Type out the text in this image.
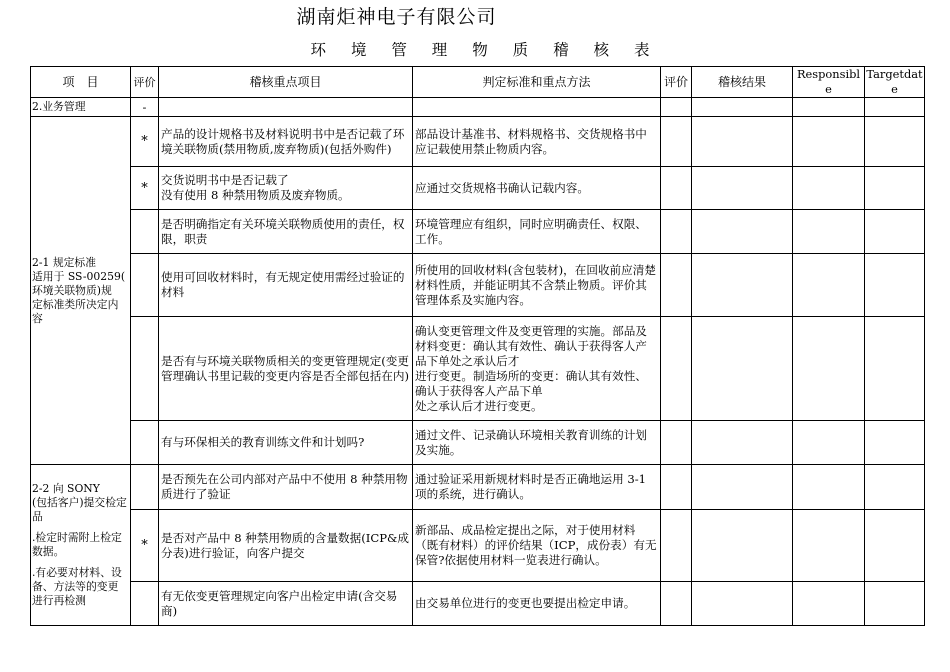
湖南炬神电子有限公司
环 境 管 理 物 质 稽 核 表
项　目	评价	稽核重点项目	判定标准和重点方法	评价	稽核结果	Responsible	Targetdate
2.业务管理	-						
2-1 规定标准
适用于 SS-00259(
环境关联物质)规
定标准类所决定内
容	*	产品的设计规格书及材料说明书中是否记载了环境关联物质(禁用物质,废弃物质)(包括外购件)	部品设计基准书、材料规格书、交货规格书中应记载使用禁止物质内容。				
	*	交货说明书中是否记载了
没有使用 8 种禁用物质及废弃物质。	应通过交货规格书确认记载内容。				
		是否明确指定有关环境关联物质使用的责任，权限，职责	环境管理应有组织，同时应明确责任、权限、工作。				
		使用可回收材料时，有无规定使用需经过验证的材料	所使用的回收材料(含包装材)，在回收前应清楚材料性质，并能证明其不含禁止物质。评价其管理体系及实施内容。				
		是否有与环境关联物质相关的变更管理规定(变更管理确认书里记载的变更内容是否全部包括在内)	确认变更管理文件及变更管理的实施。部品及材料变更：确认其有效性、确认于获得客人产品下单处之承认后才
进行变更。制造场所的变更：确认其有效性、确认于获得客人产品下单
处之承认后才进行变更。				
		有与环保相关的教育训练文件和计划吗?	通过文件、记录确认环境相关教育训练的计划及实施。				
2-2 向 SONY
(包括客户)提交检定品
.检定时需附上检定数据。
.有必要对材料、设备、方法等的变更进行再检测		是否预先在公司内部对产品中不使用 8 种禁用物质进行了验证	通过验证采用新规材料时是否正确地运用 3-1 项的系统，进行确认。				
	*	是否对产品中 8 种禁用物质的含量数据(ICP&成分表)进行验证，向客户提交	新部品、成品检定提出之际，对于使用材料（既有材料）的评价结果（ICP，成份表）有无保管?依据使用材料一览表进行确认。				
		有无依变更管理规定向客户出检定申请(含交易商)	由交易单位进行的变更也要提出检定申请。				
